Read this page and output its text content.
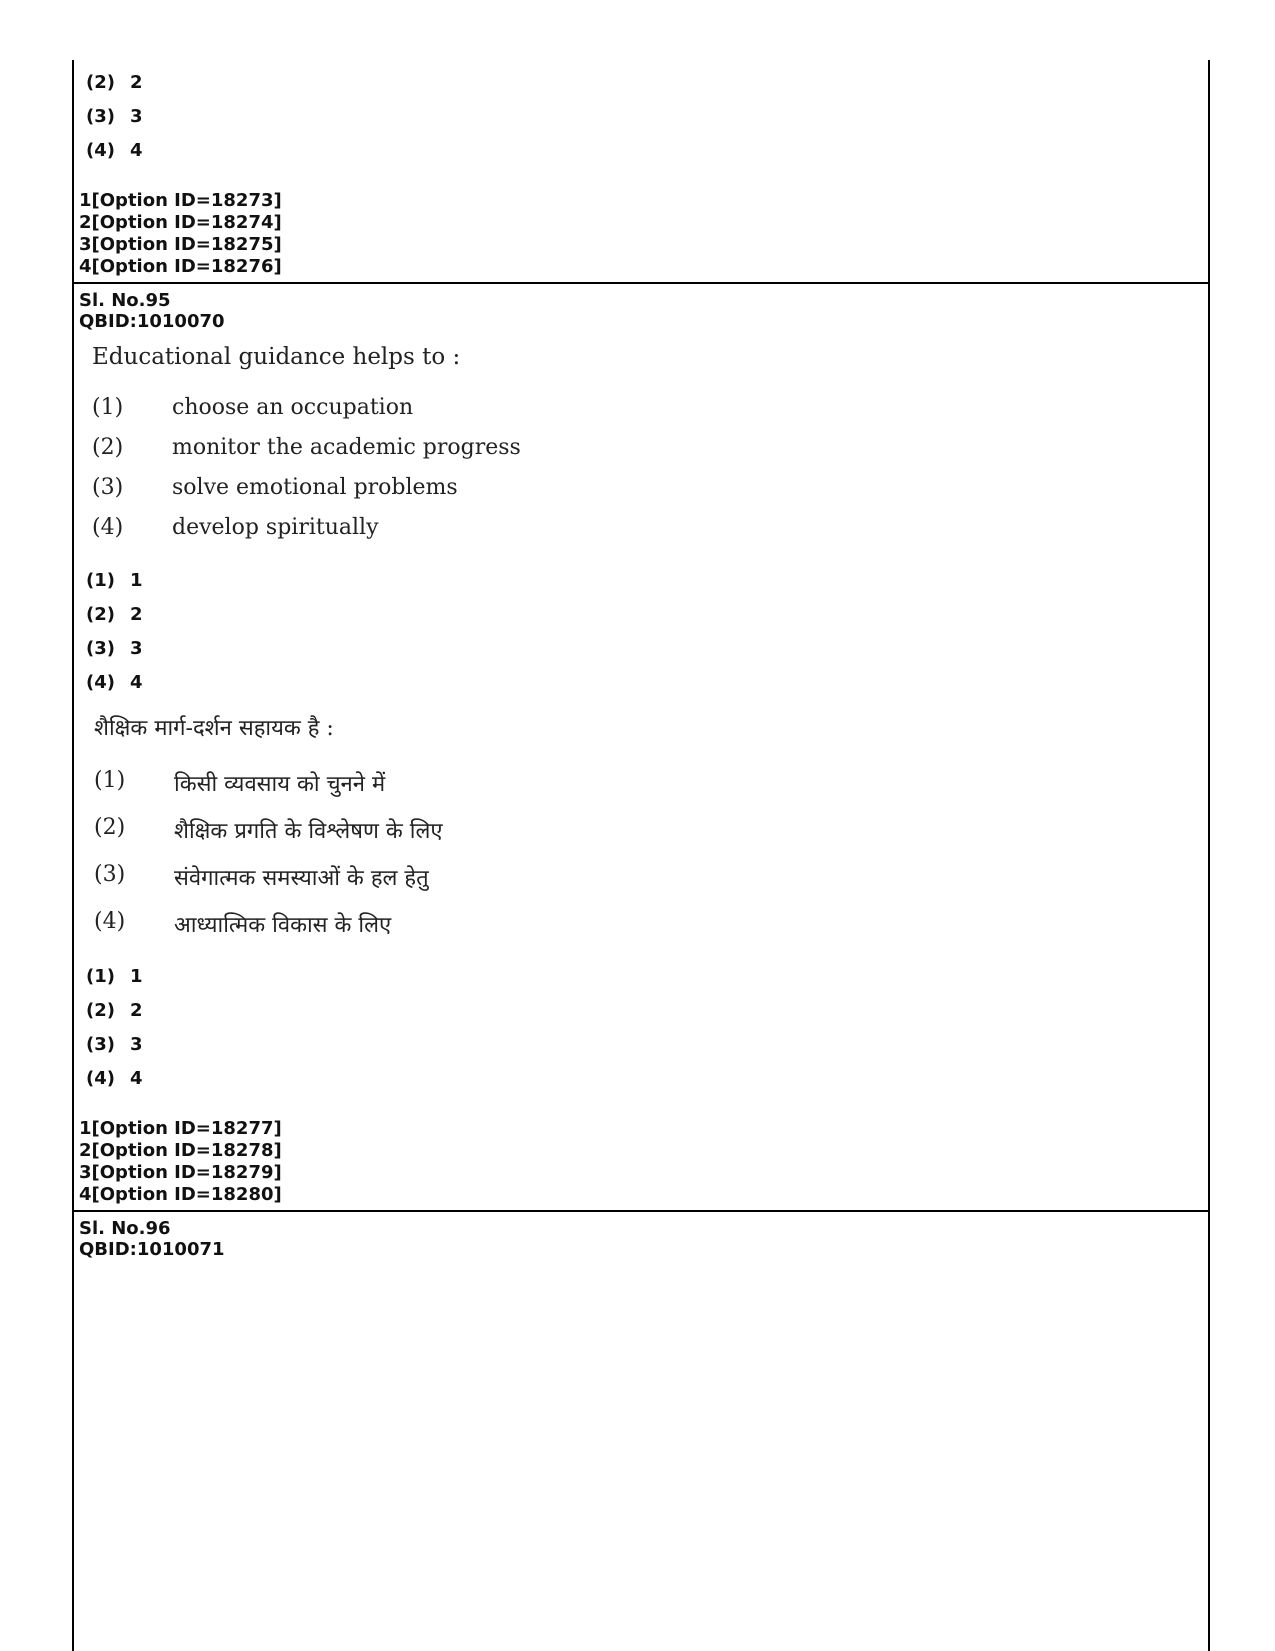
(2) 2
(3) 3
(4) 4
1[Option ID=18273]
2[Option ID=18274]
3[Option ID=18275]
4[Option ID=18276]
Sl. No.95
QBID:1010070
Educational guidance helps to :
(1)	choose an occupation
(2)	monitor the academic progress
(3)	solve emotional problems
(4)	develop spiritually
(1) 1
(2) 2
(3) 3
(4) 4
शैक्षिक मार्ग-दर्शन सहायक है :
(1)	किसी व्यवसाय को चुनने में
(2)	शैक्षिक प्रगति के विश्लेषण के लिए
(3)	संवेगात्मक समस्याओं के हल हेतु
(4)	आध्यात्मिक विकास के लिए
(1) 1
(2) 2
(3) 3
(4) 4
1[Option ID=18277]
2[Option ID=18278]
3[Option ID=18279]
4[Option ID=18280]
Sl. No.96
QBID:1010071
